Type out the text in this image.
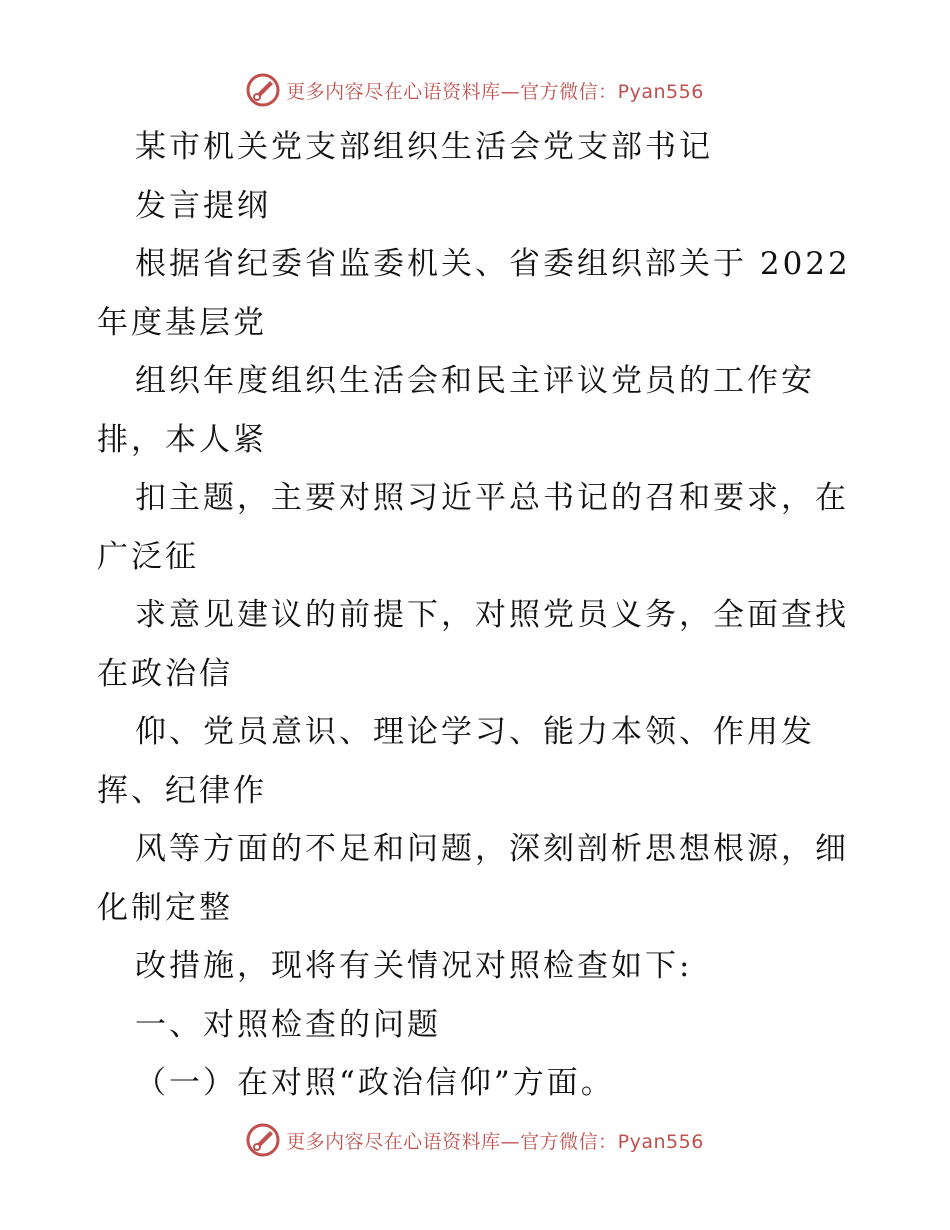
更多内容尽在心语资料库—官方微信：Pyan556
某市机关党支部组织生活会党支部书记
发言提纲
根据省纪委省监委机关、省委组织部关于 2022
年度基层党
组织年度组织生活会和民主评议党员的工作安
排，本人紧
扣主题，主要对照习近平总书记的召和要求，在
广泛征
求意见建议的前提下，对照党员义务，全面查找
在政治信
仰、党员意识、理论学习、能力本领、作用发
挥、纪律作
风等方面的不足和问题，深刻剖析思想根源，细
化制定整
改措施，现将有关情况对照检查如下:
一、对照检查的问题
（一）在对照“政治信仰”方面。
更多内容尽在心语资料库—官方微信：Pyan556
